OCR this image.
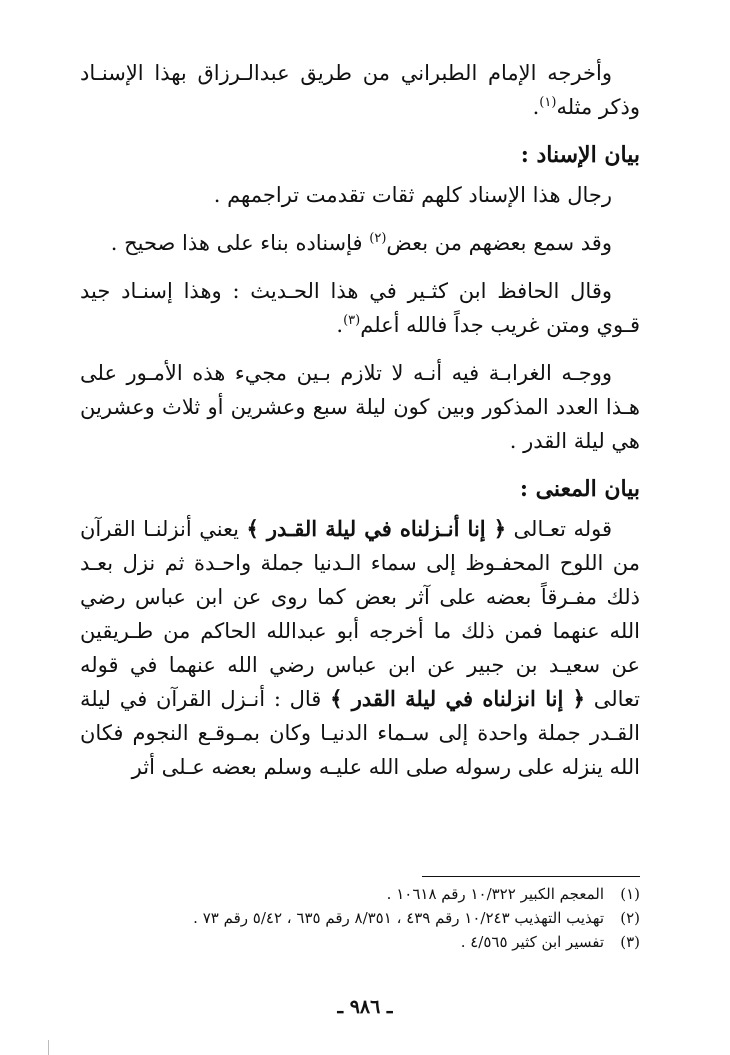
وأخرجه الإمام الطبراني من طريق عبدالـرزاق بهذا الإسنـاد وذكر مثله$^{(١)}$.

بيان الإسناد :

رجال هذا الإسناد كلهم ثقات تقدمت تراجمهم .

وقد سمع بعضهم من بعض$^{(٢)}$ فإسناده بناء على هذا صحيح .

وقال الحافظ ابن كثـير في هذا الحـديث : وهذا إسنـاد جيد قـوي ومتن غريب جداً فالله أعلم$^{(٣)}$.

ووجـه الغرابـة فيه أنـه لا تلازم بـين مجيء هذه الأمـور على هـذا العدد المذكور وبين كون ليلة سبع وعشرين أو ثلاث وعشرين هي ليلة القدر .

بيان المعنى :

قوله تعـالى ﴿ إنا أنـزلناه في ليلة القـدر ﴾ يعني أنزلنـا القرآن من اللوح المحفـوظ إلى سماء الـدنيا جملة واحـدة ثم نزل بعـد ذلك مفـرقاً بعضه على آثر بعض كما روى عن ابن عباس رضي الله عنهما فمن ذلك ما أخرجه أبو عبدالله الحاكم من طـريقين عن سعيـد بن جبير عن ابن عباس رضي الله عنهما في قوله تعالى ﴿ إنا انزلناه في ليلة القدر ﴾ قال : أنـزل القرآن في ليلة القـدر جملة واحدة إلى سـماء الدنيـا وكان بمـوقـع النجوم فكان الله ينزله على رسوله صلى الله عليـه وسلم بعضه عـلى أثر

(١)
المعجم الكبير ١٠/٣٢٢ رقم ١٠٦١٨ .
(٢)
تهذيب التهذيب ١٠/٢٤٣ رقم ٤٣٩ ، ٨/٣٥١ رقم ٦٣٥ ، ٥/٤٢ رقم ٧٣ .
(٣)
تفسير ابن كثير ٤/٥٦٥ .
ـ ٩٨٦ ـ
